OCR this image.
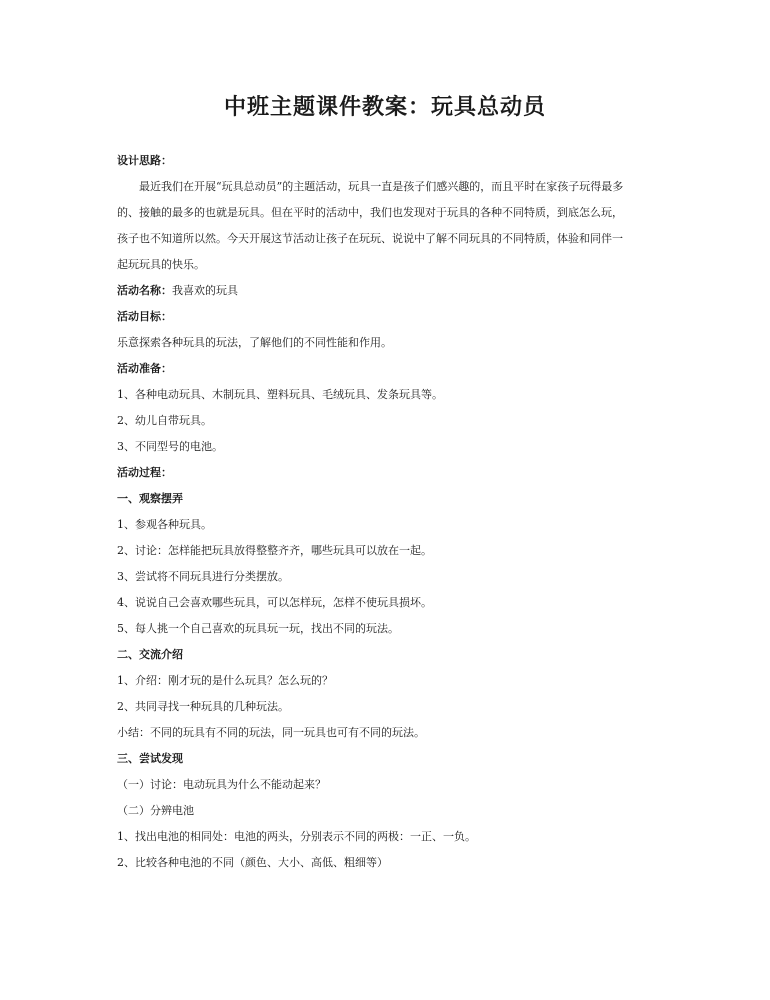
中班主题课件教案：玩具总动员
设计思路：
最近我们在开展“玩具总动员”的主题活动，玩具一直是孩子们感兴趣的，而且平时在家孩子玩得最多
的、接触的最多的也就是玩具。但在平时的活动中，我们也发现对于玩具的各种不同特质，到底怎么玩，
孩子也不知道所以然。今天开展这节活动让孩子在玩玩、说说中了解不同玩具的不同特质，体验和同伴一
起玩玩具的快乐。
活动名称：我喜欢的玩具
活动目标：
乐意探索各种玩具的玩法，了解他们的不同性能和作用。
活动准备：
1、各种电动玩具、木制玩具、塑料玩具、毛绒玩具、发条玩具等。
2、幼儿自带玩具。
3、不同型号的电池。
活动过程：
一、观察摆弄
1、参观各种玩具。
2、讨论：怎样能把玩具放得整整齐齐，哪些玩具可以放在一起。
3、尝试将不同玩具进行分类摆放。
4、说说自己会喜欢哪些玩具，可以怎样玩，怎样不使玩具损坏。
5、每人挑一个自己喜欢的玩具玩一玩，找出不同的玩法。
二、交流介绍
1、介绍：刚才玩的是什么玩具？怎么玩的？
2、共同寻找一种玩具的几种玩法。
小结：不同的玩具有不同的玩法，同一玩具也可有不同的玩法。
三、尝试发现
（一）讨论：电动玩具为什么不能动起来？
（二）分辨电池
1、找出电池的相同处：电池的两头，分别表示不同的两极：一正、一负。
2、比较各种电池的不同（颜色、大小、高低、粗细等）
